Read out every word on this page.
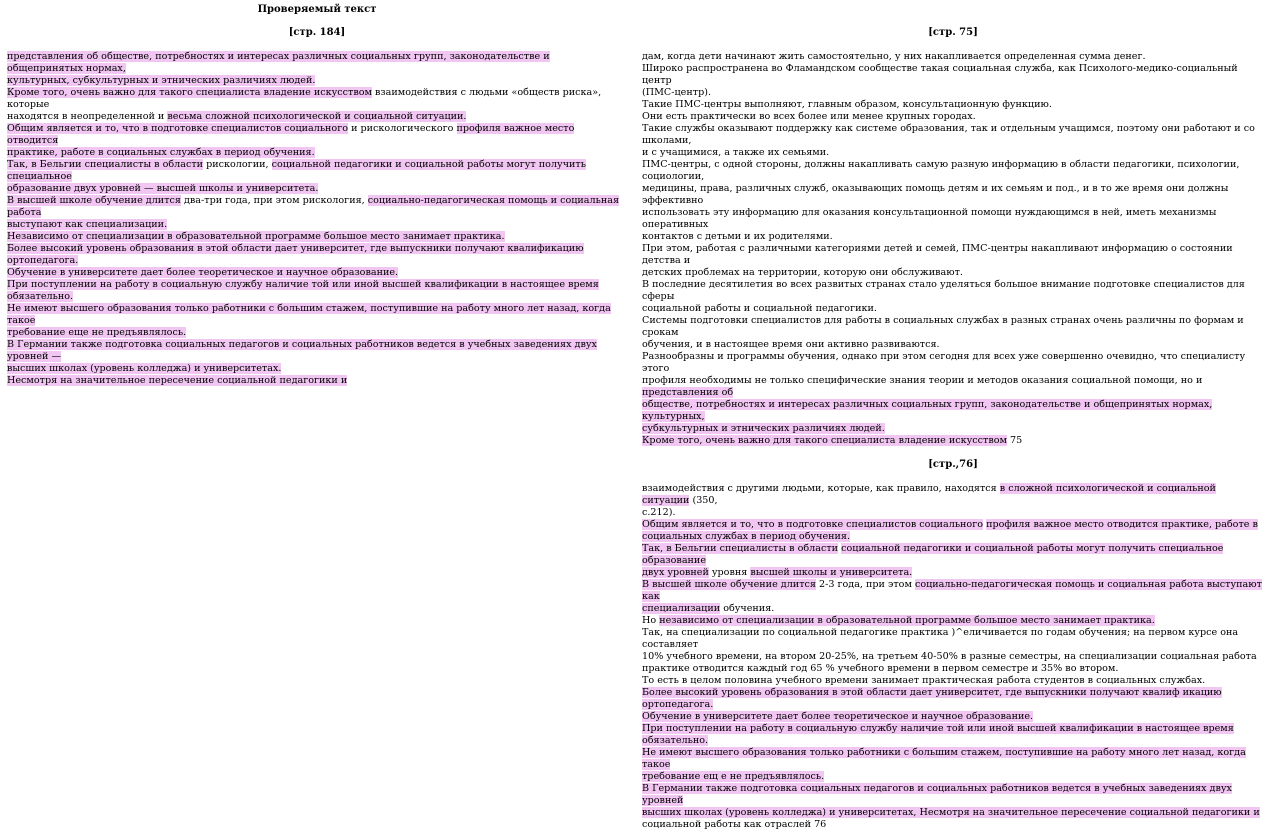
Проверяемый текст
[стр. 184]
представления об обществе, потребностях и интересах различных социальных групп, законодательстве и общепринятых нормах,
культурных, субкультурных и этнических различиях людей.
Кроме того, очень важно для такого специалиста владение искусством взаимодействия с людьми «обществ риска», которые
находятся в неопределенной и весьма сложной психологической и социальной ситуации.
Общим является и то, что в подготовке специалистов социального и рискологического профиля важное место отводится
практике, работе в социальных службах в период обучения.
Так, в Бельгии специалисты в области рискологии, социальной педагогики и социальной работы могут получить специальное
образование двух уровней — высшей школы и университета.
В высшей школе обучение длится два-три года, при этом рискология, социально-педагогическая помощь и социальная работа
выступают как специализации.
Независимо от специализации в образовательной программе большое место занимает практика.
Более высокий уровень образования в этой области дает университет, где выпускники получают квалификацию ортопедагога.
Обучение в университете дает более теоретическое и научное образование.
При поступлении на работу в социальную службу наличие той или иной высшей квалификации в настоящее время обязательно.
Не имеют высшего образования только работники с большим стажем, поступившие на работу много лет назад, когда такое
требование еще не предъявлялось.
В Германии также подготовка социальных педагогов и социальных работников ведется в учебных заведениях двух уровней —
высших школах (уровень колледжа) и университетах.
Несмотря на значительное пересечение социальной педагогики и
[стр. 75]
дам, когда дети начинают жить самостоятельно, у них накапливается определенная сумма денег.
Широко распространена во Фламандском сообществе такая социальная служба, как Психолого-медико-социальный центр
(ПМС-центр).
Такие ПМС-центры выполняют, главным образом, консультационную функцию.
Они есть практически во всех более или менее крупных городах.
Такие службы оказывают поддержку как системе образования, так и отдельным учащимся, поэтому они работают и со школами,
и с учащимися, а также их семьями.
ПМС-центры, с одной стороны, должны накапливать самую разную информацию в области педагогики, психологии, социологии,
медицины, права, различных служб, оказывающих помощь детям и их семьям и под., и в то же время они должны эффективно
использовать эту информацию для оказания консультационной помощи нуждающимся в ней, иметь механизмы оперативных
контактов с детьми и их родителями.
При этом, работая с различными категориями детей и семей, ПМС-центры накапливают информацию о состоянии детства и
детских проблемах на территории, которую они обслуживают.
В последние десятилетия во всех развитых странах стало уделяться большое внимание подготовке специалистов для сферы
социальной работы и социальной педагогики.
Системы подготовки специалистов для работы в социальных службах в разных странах очень различны по формам и срокам
обучения, и в настоящее время они активно развиваются.
Разнообразны и программы обучения, однако при этом сегодня для всех уже совершенно очевидно, что специалисту этого
профиля необходимы не только специфические знания теории и методов оказания социальной помощи, но и представления об
обществе, потребностях и интересах различных социальных групп, законодательстве и общепринятых нормах, культурных,
субкультурных и этнических различиях людей.
Кроме того, очень важно для такого специалиста владение искусством 75
[стр.,76]
взаимодействия с другими людьми, которые, как правило, находятся в сложной психологической и социальной ситуации (350,
с.212).
Общим является и то, что в подготовке специалистов социального профиля важное место отводится практике, работе в
социальных службах в период обучения.
Так, в Бельгии специалисты в области социальной педагогики и социальной работы могут получить специальное образование
двух уровней уровня высшей школы и университета.
В высшей школе обучение длится 2-3 года, при этом социально-педагогическая помощь и социальная работа выступают как
специализации обучения.
Но независимо от специализации в образовательной программе большое место занимает практика.
Так, на специализации по социальной педагогике практика )^еличивается по годам обучения; на первом курсе она составляет
10% учебного времени, на втором 20-25%, на третьем 40-50% в разные семестры, на специализации социальная работа
практике отводится каждый год 65 % учебного времени в первом семестре и 35% во втором.
То есть в целом половина учебного времени занимает практическая работа студентов в социальных службах.
Более высокий уровень образования в этой области дает университет, где выпускники получают квалиф икацию ортопедагога.
Обучение в университете дает более теоретическое и научное образование.
При поступлении на работу в социальную службу наличие той или иной высшей квалификации в настоящее время обязательно.
Не имеют высшего образования только работники с большим стажем, поступившие на работу много лет назад, когда такое
требование ещ е не предъявлялось.
В Германии также подготовка социальных педагогов и социальных работников ведется в учебных заведениях двух уровней
высших школах (уровень колледжа) и университетах, Несмотря на значительное пересечение социальной педагогики и
социальной работы как отраслей 76
